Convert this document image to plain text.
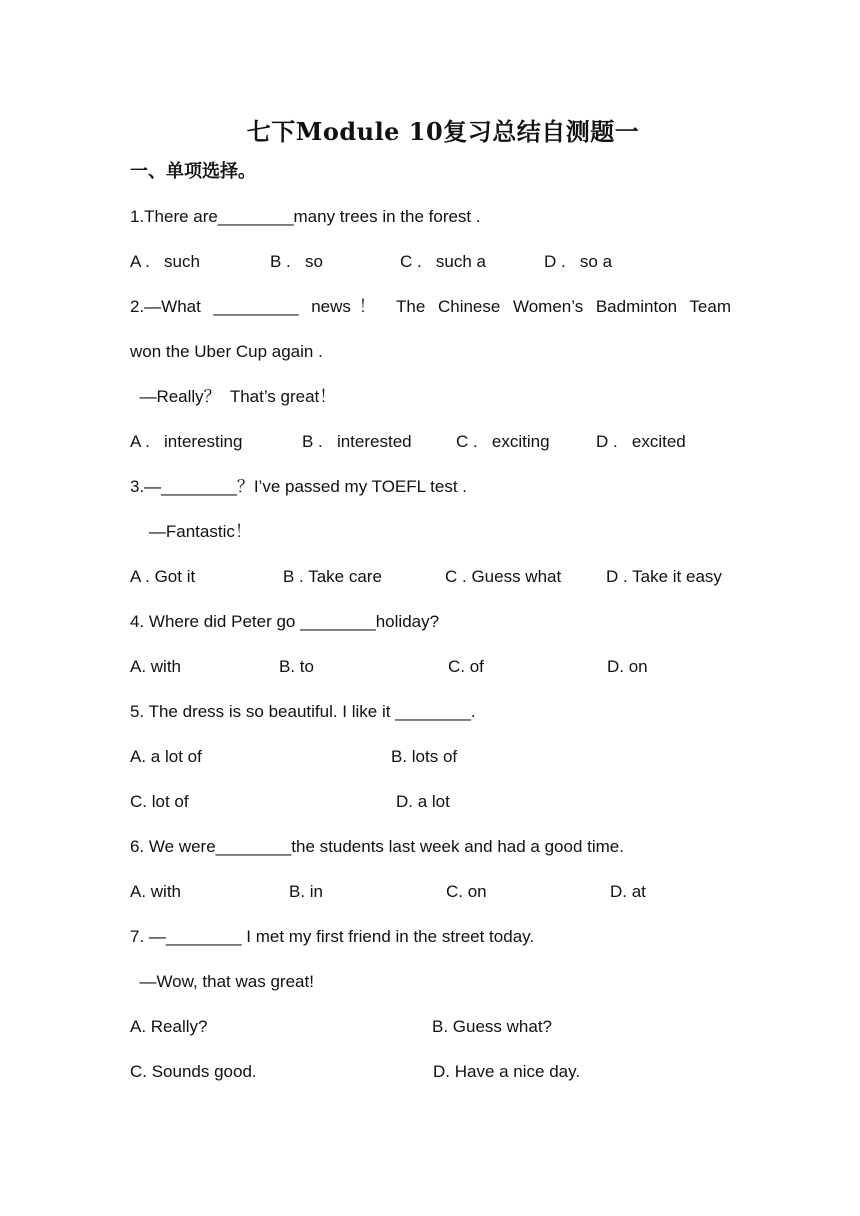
七下Module 10复习总结自测题一
一、单项选择。
1.There are________many trees in the forest .
A .   such	B .   so	C .   such a	D .   so a
2.—What _________ news！ The Chinese Women’s Badminton Team
won the Uber Cup again .
—Really？  That’s great！
A .   interesting	B .   interested	C .   exciting	D .   excited
3.—________？I’ve passed my TOEFL test .
—Fantastic！
A . Got it	B . Take care	C . Guess what	D . Take it easy
4. Where did Peter go ________holiday?
A. with	B. to	C. of	D. on
5. The dress is so beautiful. I like it ________.
A. a lot of	B. lots of
C. lot of	D. a lot
6. We were________the students last week and had a good time.
A. with	B. in	C. on	D. at
7. —________ I met my first friend in the street today.
—Wow, that was great!
A. Really?	B. Guess what?
C. Sounds good.	D. Have a nice day.
